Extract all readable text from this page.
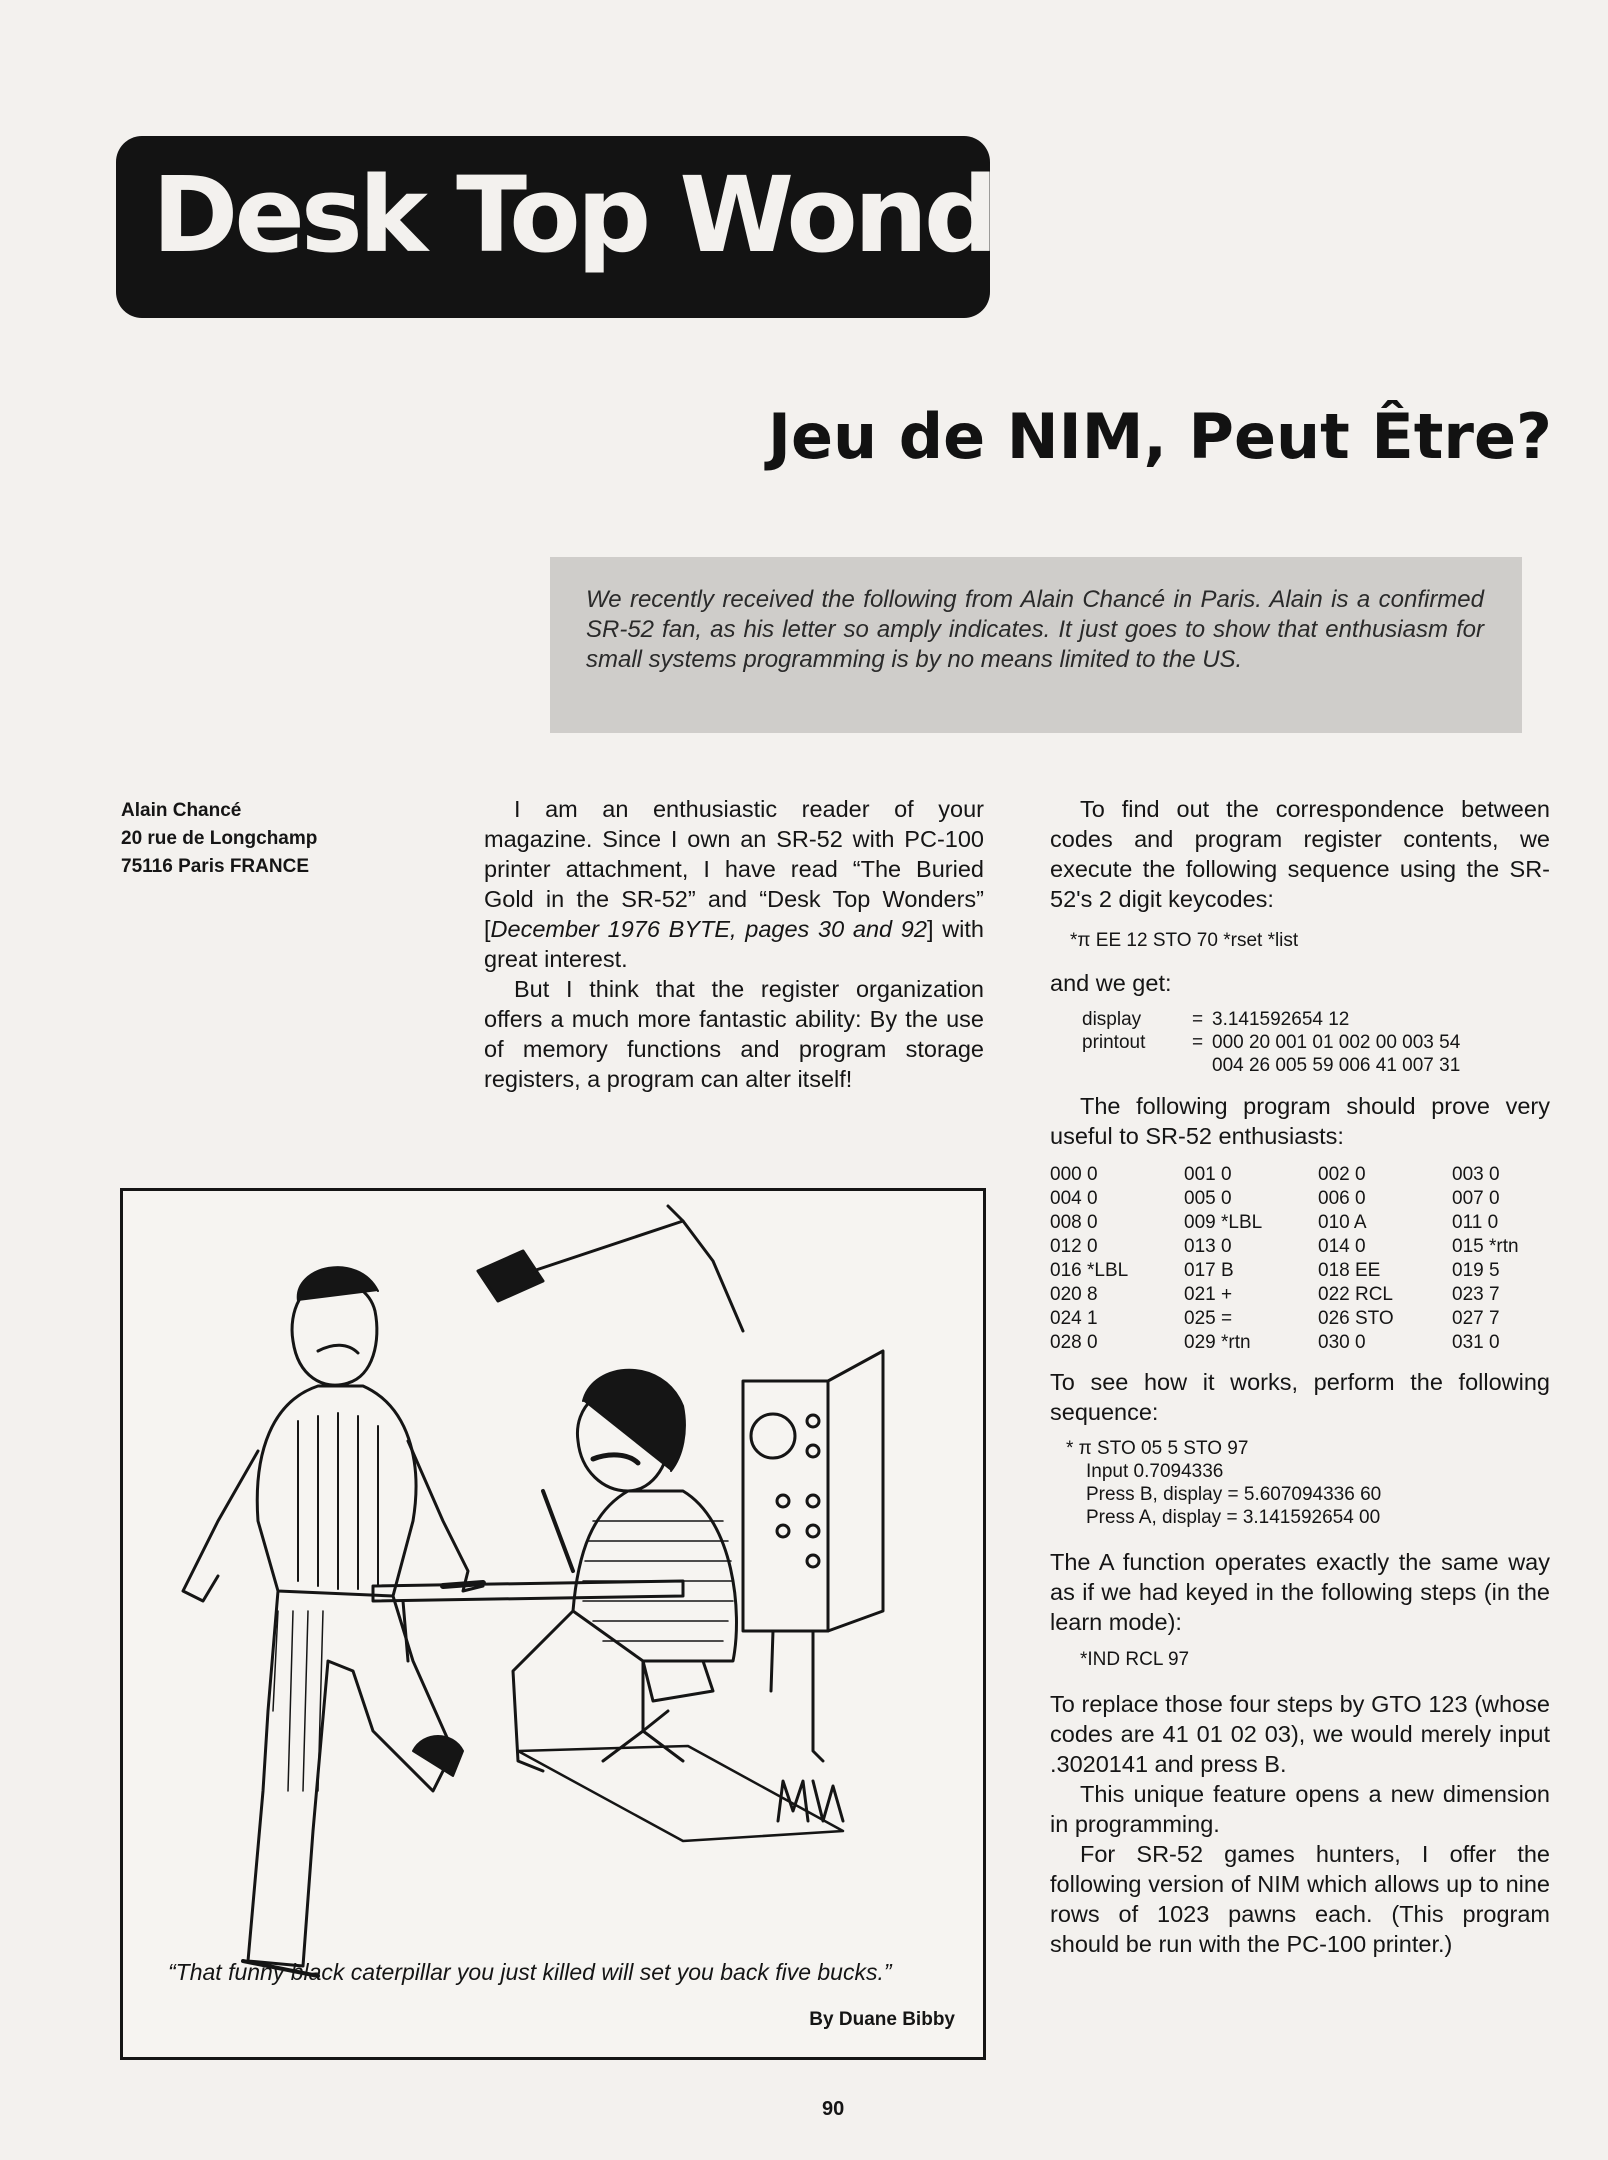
Desk Top Wonders
Jeu de NIM, Peut Être?
We recently received the following from Alain Chancé in Paris. Alain is a confirmed SR-52 fan, as his letter so amply indicates. It just goes to show that enthusiasm for small systems programming is by no means limited to the US.
Alain Chancé
20 rue de Longchamp
75116 Paris FRANCE

I am an enthusiastic reader of your magazine. Since I own an SR-52 with PC-100 printer attachment, I have read “The Buried Gold in the SR-52” and “Desk Top Wonders” [December 1976 BYTE, pages 30 and 92] with great interest.

But I think that the register organization offers a much more fantastic ability: By the use of memory functions and program storage registers, a program can alter itself!

To find out the correspondence between codes and program register contents, we execute the following sequence using the SR-52's 2 digit keycodes:

*π EE 12 STO 70 *rset *list

and we get:

display	= 3.141592654 12
printout	= 000 20 001 01 002 00 003 54
004 26 005 59 006 41 007 31

The following program should prove very useful to SR-52 enthusiasts:

000 0	001 0	002 0	003 0
004 0	005 0	006 0	007 0
008 0	009 *LBL	010 A	011 0
012 0	013 0	014 0	015 *rtn
016 *LBL	017 B	018 EE	019 5
020 8	021 +	022 RCL	023 7
024 1	025 =	026 STO	027 7
028 0	029 *rtn	030 0	031 0

To see how it works, perform the following sequence:

* π STO 05 5 STO 97
Input 0.7094336
Press B, display = 5.607094336 60
Press A, display = 3.141592654 00

The A function operates exactly the same way as if we had keyed in the following steps (in the learn mode):

*IND RCL 97

To replace those four steps by GTO 123 (whose codes are 41 01 02 03), we would merely input .3020141 and press B.

This unique feature opens a new dimension in programming.

For SR-52 games hunters, I offer the following version of NIM which allows up to nine rows of 1023 pawns each. (This program should be run with the PC-100 printer.)

“That funny black caterpillar you just killed will set you back five bucks.”
By Duane Bibby
90
